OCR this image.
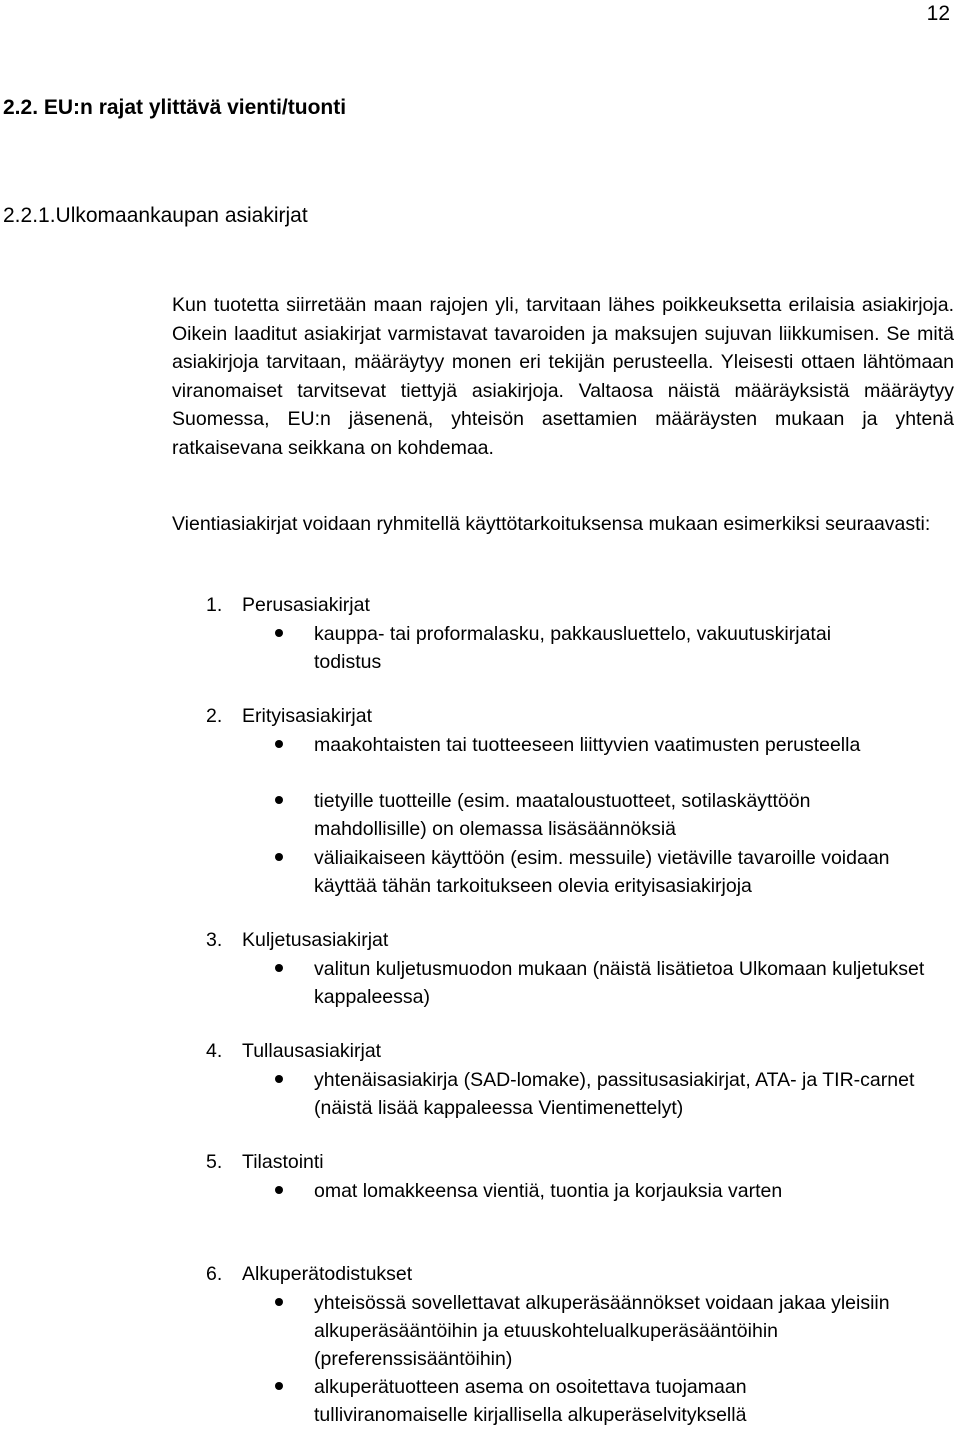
12
2.2. EU:n rajat ylittävä vienti/tuonti
2.2.1.Ulkomaankaupan asiakirjat
Kun tuotetta siirretään maan rajojen yli, tarvitaan lähes poikkeuksetta erilaisia asiakirjoja. Oikein laaditut asiakirjat varmistavat tavaroiden ja maksujen sujuvan liikkumisen. Se mitä asiakirjoja tarvitaan, määräytyy monen eri tekijän perusteella. Yleisesti ottaen lähtömaan viranomaiset tarvitsevat tiettyjä asiakirjoja. Valtaosa näistä määräyksistä määräytyy Suomessa, EU:n jäsenenä, yhteisön asettamien määräysten mukaan ja yhtenä ratkaisevana seikkana on kohdemaa.
Vientiasiakirjat voidaan ryhmitellä käyttötarkoituksensa mukaan esimerkiksi seuraavasti:
1. Perusasiakirjat
kauppa- tai proformalasku, pakkausluettelo, vakuutuskirjatai todistus
2. Erityisasiakirjat
maakohtaisten tai tuotteeseen liittyvien vaatimusten perusteella
tietyille tuotteille (esim. maataloustuotteet, sotilaskäyttöön mahdollisille) on olemassa lisäsäännöksiä
väliaikaiseen käyttöön (esim. messuile) vietäville tavaroille voidaan käyttää tähän tarkoitukseen olevia erityisasiakirjoja
3. Kuljetusasiakirjat
valitun kuljetusmuodon mukaan (näistä lisätietoa Ulkomaan kuljetukset kappaleessa)
4. Tullausasiakirjat
yhtenäisasiakirja (SAD-lomake), passitusasiakirjat, ATA- ja TIR-carnet (näistä lisää kappaleessa Vientimenettelyt)
5. Tilastointi
omat lomakkeensa vientiä, tuontia ja korjauksia varten
6. Alkuperätodistukset
yhteisössä sovellettavat alkuperäsäännökset voidaan jakaa yleisiin alkuperäsääntöihin ja etuuskohtelualkuperäsääntöihin (preferenssisääntöihin)
alkuperätuotteen asema on osoitettava tuojamaan tulliviranomaiselle kirjallisella alkuperäselvityksellä
